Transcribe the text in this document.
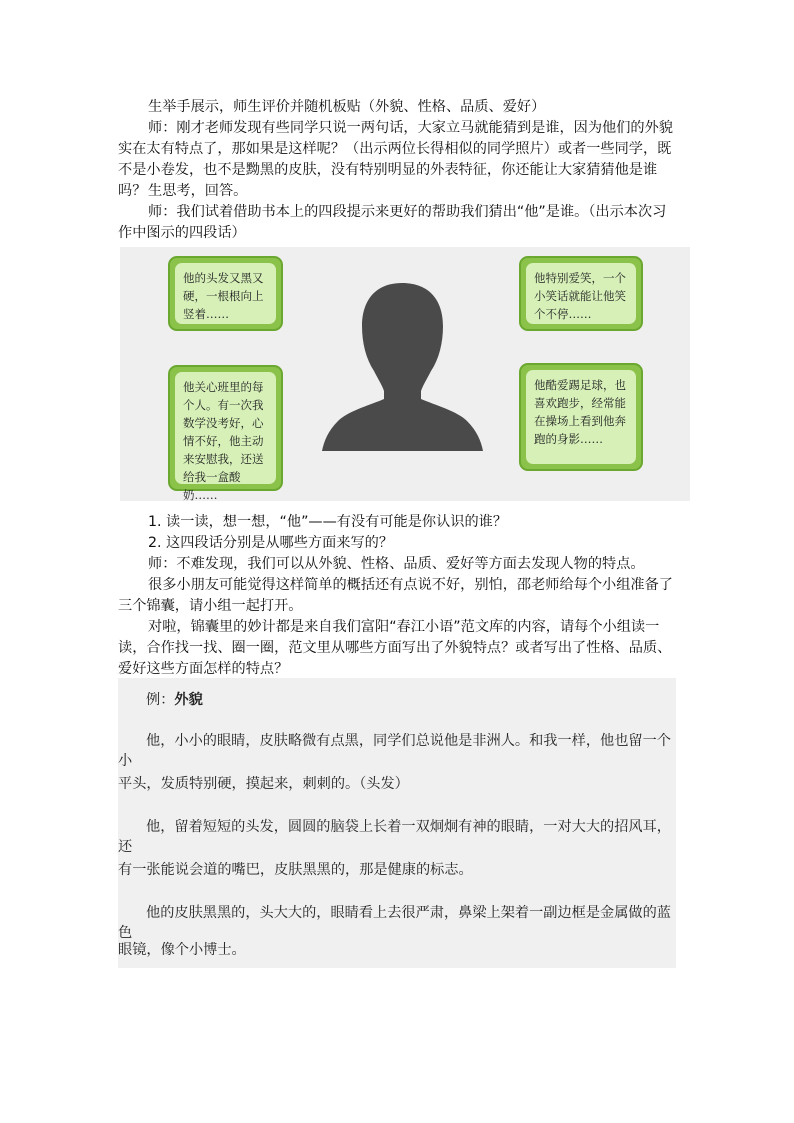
生举手展示，师生评价并随机板贴（外貌、性格、品质、爱好）

师：刚才老师发现有些同学只说一两句话，大家立马就能猜到是谁，因为他们的外貌实在太有特点了，那如果是这样呢？（出示两位长得相似的同学照片）或者一些同学，既不是小卷发，也不是黝黑的皮肤，没有特别明显的外表特征，你还能让大家猜猜他是谁吗？ 生思考，回答。

师：我们试着借助书本上的四段提示来更好的帮助我们猜出“他”是谁。（出示本次习作中图示的四段话）

他的头发又黑又硬，一根根向上竖着……
他特别爱笑，一个小笑话就能让他笑个不停……
他关心班里的每个人。有一次我数学没考好，心情不好，他主动来安慰我，还送给我一盒酸奶……
他酷爱踢足球，也喜欢跑步，经常能在操场上看到他奔跑的身影……
1. 读一读，想一想，“他”——有没有可能是你认识的谁？
2. 这四段话分别是从哪些方面来写的？

师：不难发现，我们可以从外貌、性格、品质、爱好等方面去发现人物的特点。

很多小朋友可能觉得这样简单的概括还有点说不好，别怕，邵老师给每个小组准备了三个锦囊，请小组一起打开。

对啦，锦囊里的妙计都是来自我们富阳“春江小语”范文库的内容，请每个小组读一读，合作找一找、圈一圈，范文里从哪些方面写出了外貌特点？或者写出了性格、品质、爱好这些方面怎样的特点？

例：外貌
他，小小的眼睛，皮肤略微有点黑，同学们总说他是非洲人。和我一样，他也留一个小
平头，发质特别硬，摸起来，刺刺的。（头发）
他，留着短短的头发，圆圆的脑袋上长着一双炯炯有神的眼睛，一对大大的招风耳，还
有一张能说会道的嘴巴，皮肤黑黑的，那是健康的标志。
他的皮肤黑黑的，头大大的，眼睛看上去很严肃，鼻梁上架着一副边框是金属做的蓝色
眼镜，像个小博士。
